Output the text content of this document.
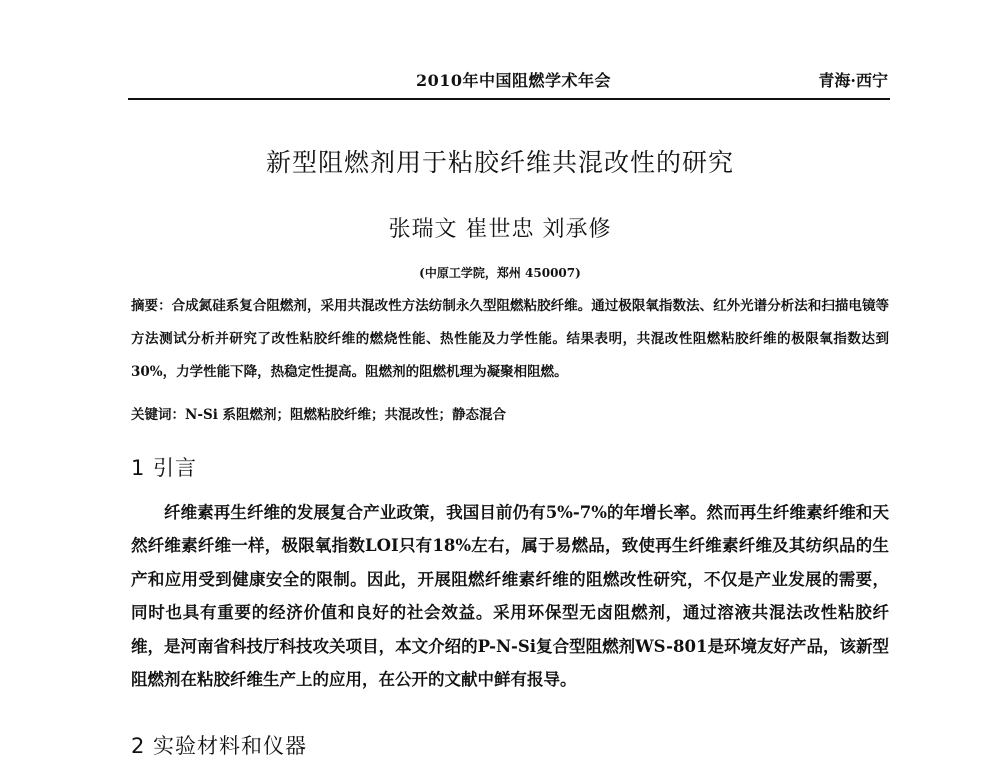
2010年中国阻燃学术年会	青海·西宁
新型阻燃剂用于粘胶纤维共混改性的研究
张瑞文 崔世忠 刘承修
(中原工学院，郑州 450007)
摘要：合成氮硅系复合阻燃剂，采用共混改性方法纺制永久型阻燃粘胶纤维。通过极限氧指数法、红外光谱分析法和扫描电镜等方法测试分析并研究了改性粘胶纤维的燃烧性能、热性能及力学性能。结果表明，共混改性阻燃粘胶纤维的极限氧指数达到30%，力学性能下降，热稳定性提高。阻燃剂的阻燃机理为凝聚相阻燃。
关键词：N-Si 系阻燃剂；阻燃粘胶纤维；共混改性；静态混合
1 引言
纤维素再生纤维的发展复合产业政策，我国目前仍有5%-7%的年增长率。然而再生纤维素纤维和天然纤维素纤维一样，极限氧指数LOI只有18%左右，属于易燃品，致使再生纤维素纤维及其纺织品的生产和应用受到健康安全的限制。因此，开展阻燃纤维素纤维的阻燃改性研究，不仅是产业发展的需要，同时也具有重要的经济价值和良好的社会效益。采用环保型无卤阻燃剂，通过溶液共混法改性粘胶纤维，是河南省科技厅科技攻关项目，本文介绍的P-N-Si复合型阻燃剂WS-801是环境友好产品，该新型阻燃剂在粘胶纤维生产上的应用，在公开的文献中鲜有报导。
2 实验材料和仪器
